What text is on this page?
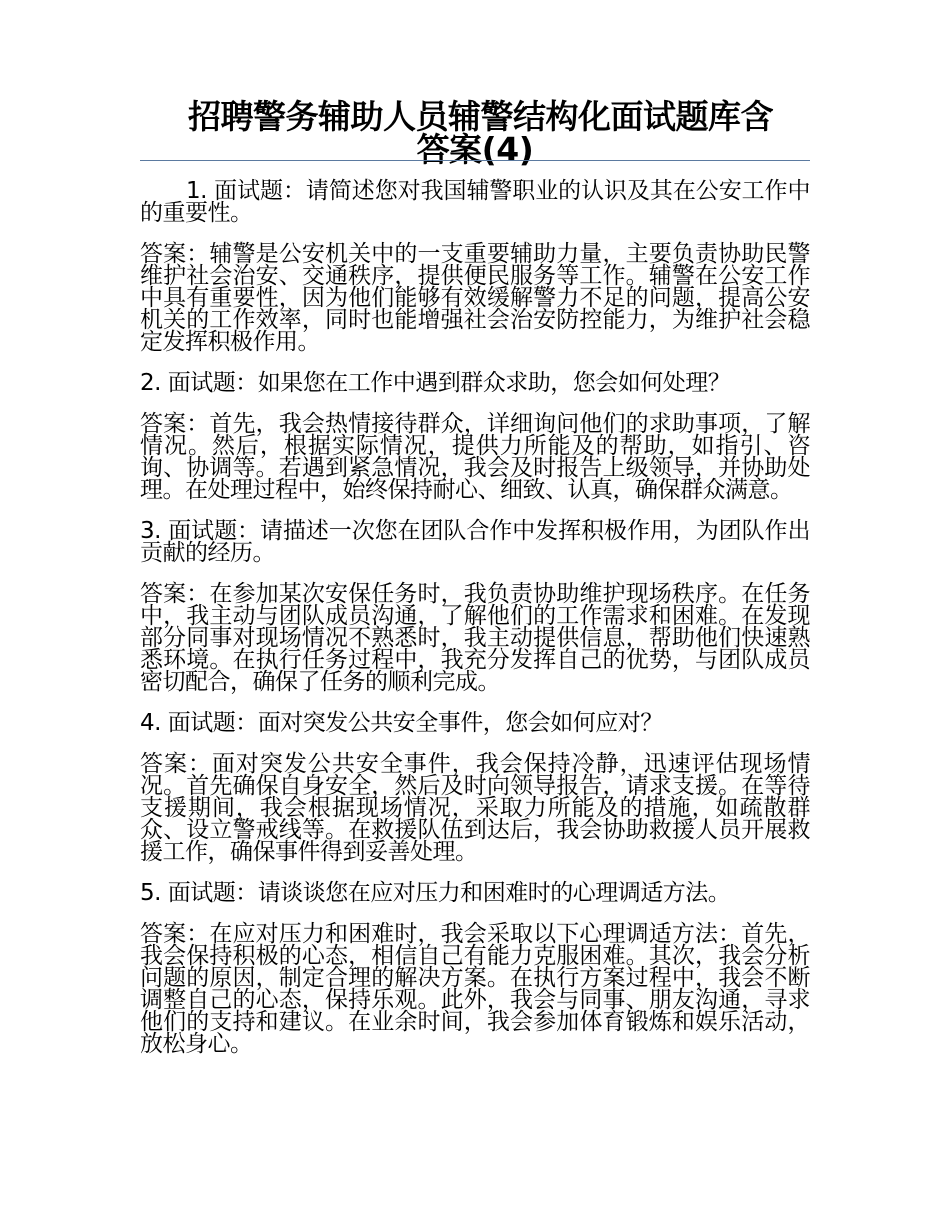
招聘警务辅助人员辅警结构化面试题库含
答案(4)

1. 面试题：请简述您对我国辅警职业的认识及其在公安工作中的重要性。

答案：辅警是公安机关中的一支重要辅助力量，主要负责协助民警维护社会治安、交通秩序，提供便民服务等工作。辅警在公安工作中具有重要性，因为他们能够有效缓解警力不足的问题，提高公安机关的工作效率，同时也能增强社会治安防控能力，为维护社会稳定发挥积极作用。

2. 面试题：如果您在工作中遇到群众求助，您会如何处理？

答案：首先，我会热情接待群众，详细询问他们的求助事项，了解情况。然后，根据实际情况，提供力所能及的帮助，如指引、咨询、协调等。若遇到紧急情况，我会及时报告上级领导，并协助处理。在处理过程中，始终保持耐心、细致、认真，确保群众满意。

3. 面试题：请描述一次您在团队合作中发挥积极作用，为团队作出贡献的经历。

答案：在参加某次安保任务时，我负责协助维护现场秩序。在任务中，我主动与团队成员沟通，了解他们的工作需求和困难。在发现部分同事对现场情况不熟悉时，我主动提供信息，帮助他们快速熟悉环境。在执行任务过程中，我充分发挥自己的优势，与团队成员密切配合，确保了任务的顺利完成。

4. 面试题：面对突发公共安全事件，您会如何应对？

答案：面对突发公共安全事件，我会保持冷静，迅速评估现场情况。首先确保自身安全，然后及时向领导报告，请求支援。在等待支援期间，我会根据现场情况，采取力所能及的措施，如疏散群众、设立警戒线等。在救援队伍到达后，我会协助救援人员开展救援工作，确保事件得到妥善处理。

5. 面试题：请谈谈您在应对压力和困难时的心理调适方法。

答案：在应对压力和困难时，我会采取以下心理调适方法：首先，我会保持积极的心态，相信自己有能力克服困难。其次，我会分析问题的原因，制定合理的解决方案。在执行方案过程中，我会不断调整自己的心态，保持乐观。此外，我会与同事、朋友沟通，寻求他们的支持和建议。在业余时间，我会参加体育锻炼和娱乐活动，放松身心。
